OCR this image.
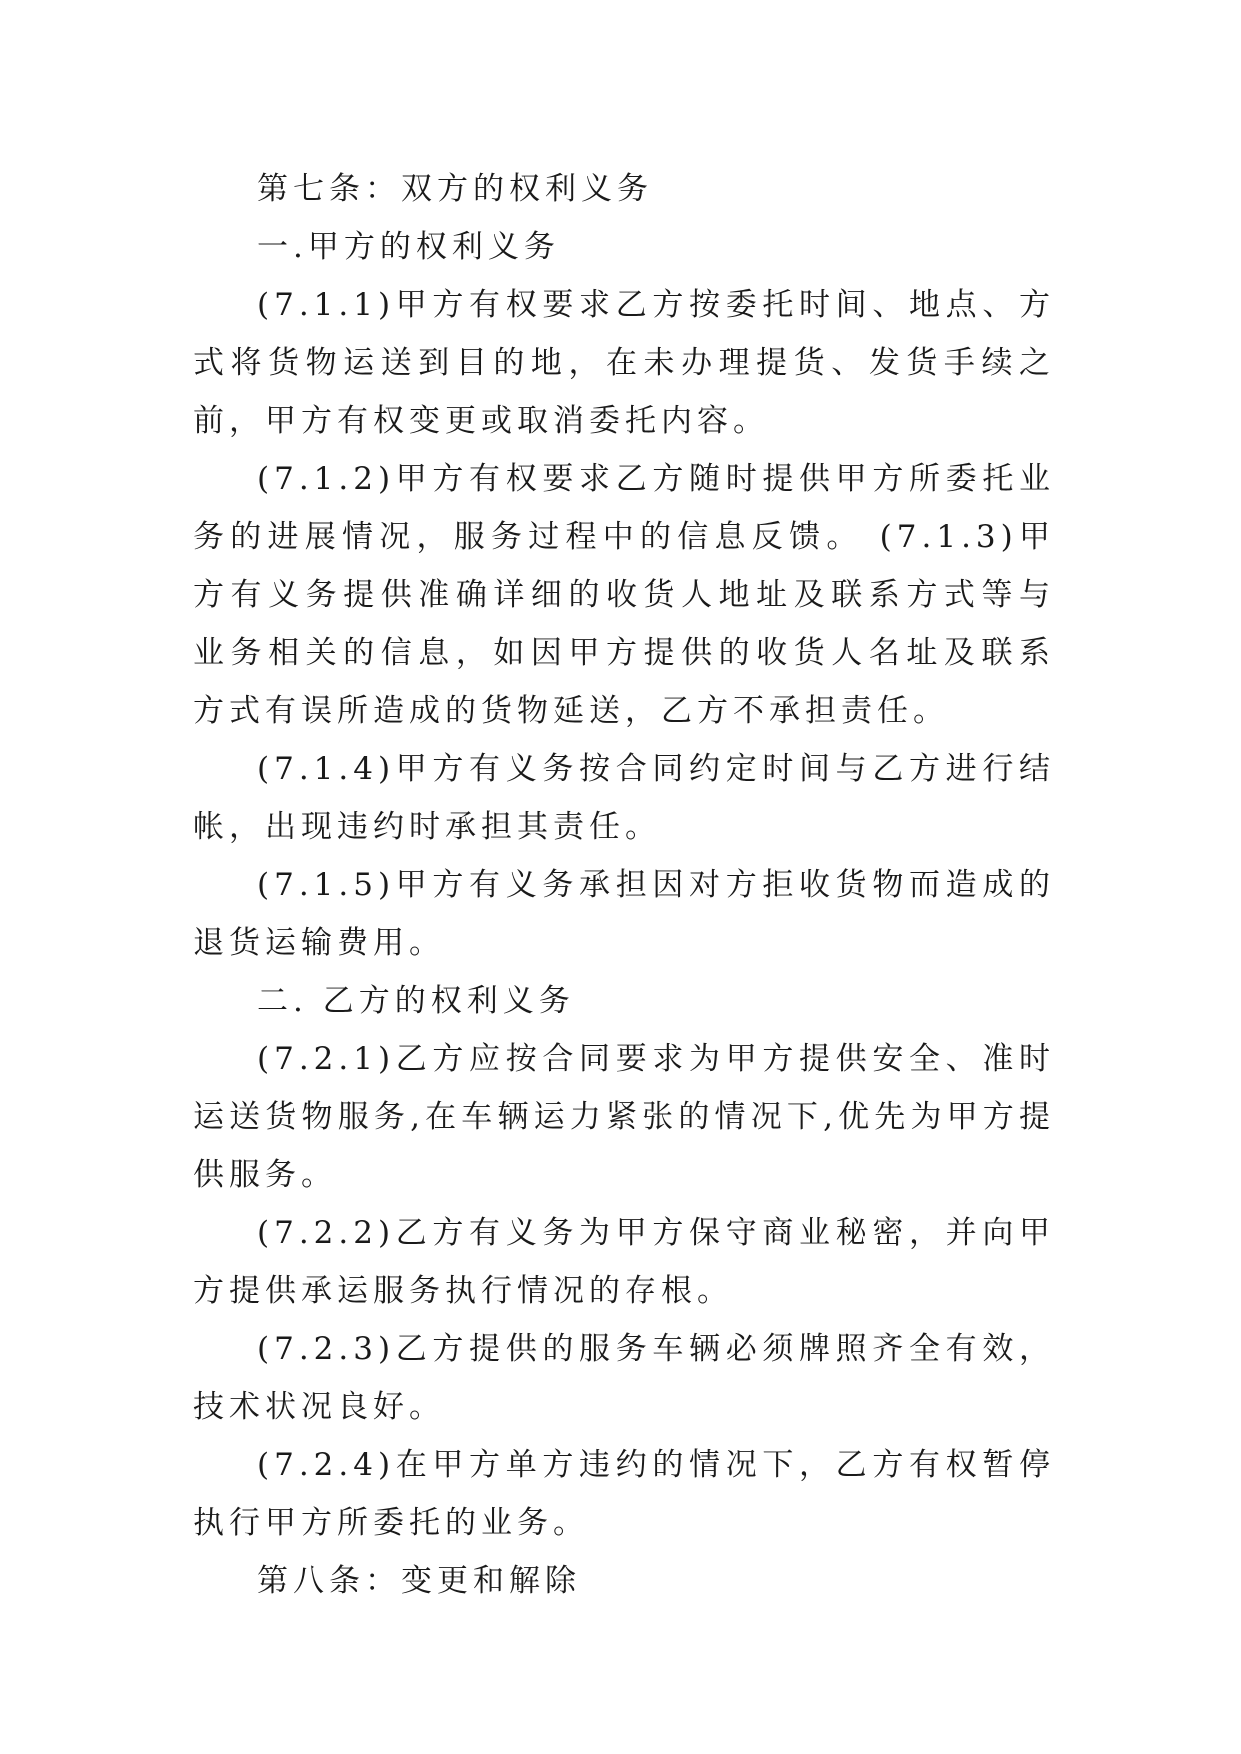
第七条：双方的权利义务

一.甲方的权利义务

(7.1.1)甲方有权要求乙方按委托时间、地点、方式将货物运送到目的地，在未办理提货、发货手续之前，甲方有权变更或取消委托内容。

(7.1.2)甲方有权要求乙方随时提供甲方所委托业务的进展情况，服务过程中的信息反馈。 (7.1.3)甲方有义务提供准确详细的收货人地址及联系方式等与业务相关的信息，如因甲方提供的收货人名址及联系方式有误所造成的货物延送，乙方不承担责任。

(7.1.4)甲方有义务按合同约定时间与乙方进行结帐，出现违约时承担其责任。

(7.1.5)甲方有义务承担因对方拒收货物而造成的退货运输费用。

二. 乙方的权利义务

(7.2.1)乙方应按合同要求为甲方提供安全、准时运送货物服务,在车辆运力紧张的情况下,优先为甲方提供服务。

(7.2.2)乙方有义务为甲方保守商业秘密，并向甲方提供承运服务执行情况的存根。

(7.2.3)乙方提供的服务车辆必须牌照齐全有效，技术状况良好。

(7.2.4)在甲方单方违约的情况下，乙方有权暂停执行甲方所委托的业务。

第八条：变更和解除
